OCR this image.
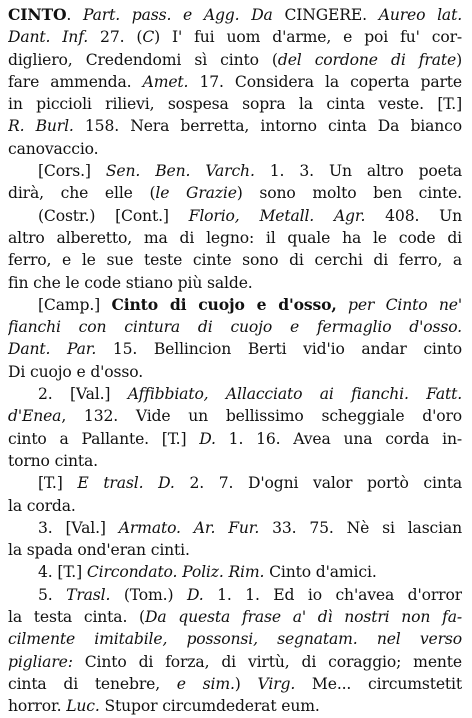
CINTO. Part. pass. e Agg. Da CINGERE. Aureo lat.
Dant. Inf. 27. (C) I' fui uom d'arme, e poi fu' cor-
digliero, Credendomi sì cinto (del cordone di frate)
fare ammenda. Amet. 17. Considera la coperta parte
in piccioli rilievi, sospesa sopra la cinta veste. [T.]
R. Burl. 158. Nera berretta, intorno cinta Da bianco
canovaccio.
[Cors.] Sen. Ben. Varch. 1. 3. Un altro poeta
dirà, che elle (le Grazie) sono molto ben cinte.
(Costr.) [Cont.] Florio, Metall. Agr. 408. Un
altro alberetto, ma di legno: il quale ha le code di
ferro, e le sue teste cinte sono di cerchi di ferro, a
fin che le code stiano più salde.
[Camp.] Cinto di cuojo e d'osso, per Cinto ne'
fianchi con cintura di cuojo e fermaglio d'osso.
Dant. Par. 15. Bellincion Berti vid'io andar cinto
Di cuojo e d'osso.
2. [Val.] Affibbiato, Allacciato ai fianchi. Fatt.
d'Enea, 132. Vide un bellissimo scheggiale d'oro
cinto a Pallante. [T.] D. 1. 16. Avea una corda in-
torno cinta.
[T.] E trasl. D. 2. 7. D'ogni valor portò cinta
la corda.
3. [Val.] Armato. Ar. Fur. 33. 75. Nè si lascian
la spada ond'eran cinti.
4. [T.] Circondato. Poliz. Rim. Cinto d'amici.
5. Trasl. (Tom.) D. 1. 1. Ed io ch'avea d'orror
la testa cinta. (Da questa frase a' dì nostri non fa-
cilmente imitabile, possonsi, segnatam. nel verso
pigliare: Cinto di forza, di virtù, di coraggio; mente
cinta di tenebre, e sim.) Virg. Me... circumstetit
horror. Luc. Stupor circumdederat eum.
